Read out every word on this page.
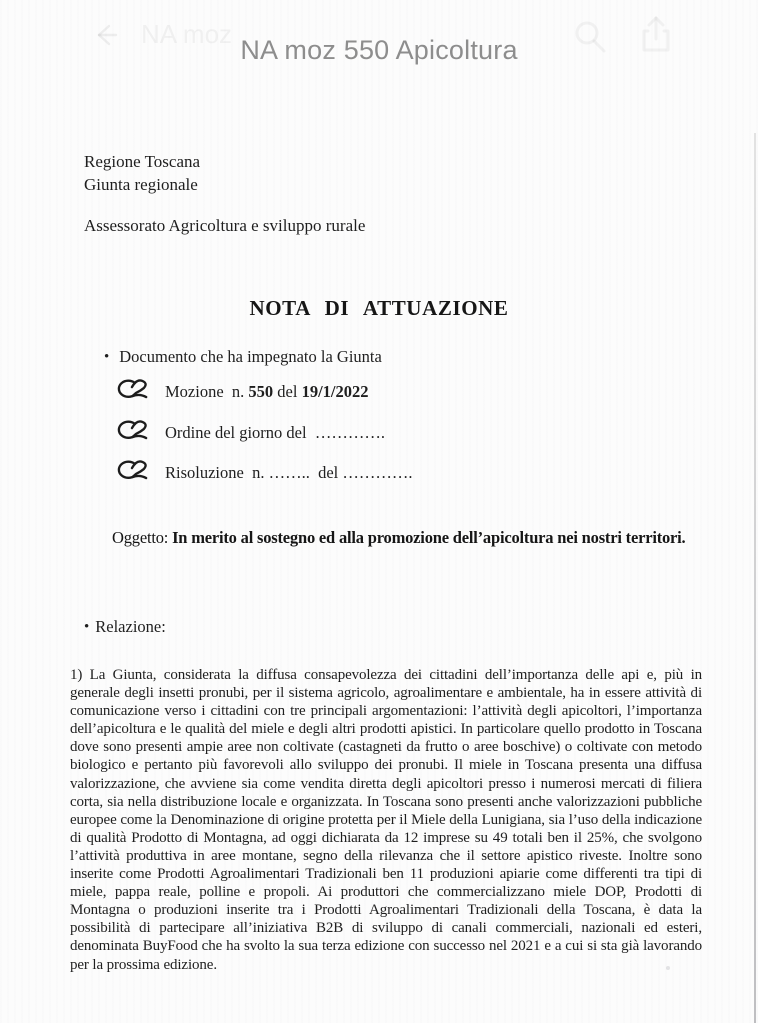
NA moz
NA moz 550 Apicoltura
Regione Toscana
Giunta regionale
Assessorato Agricoltura e sviluppo rurale
NOTA DI ATTUAZIONE
• Documento che ha impegnato la Giunta
Mozione  n. 550 del 19/1/2022
Ordine del giorno del  ………….
Risoluzione  n. ……..  del ………….
Oggetto: In merito al sostegno ed alla promozione dell’apicoltura nei nostri territori.
• Relazione:

1) La Giunta, considerata la diffusa consapevolezza dei cittadini dell’importanza delle api e, più in generale degli insetti pronubi, per il sistema agricolo, agroalimentare e ambientale, ha in essere attività di comunicazione verso i cittadini con tre principali argomentazioni: l’attività degli apicoltori, l’importanza dell’apicoltura e le qualità del miele e degli altri prodotti apistici. In particolare quello prodotto in Toscana dove sono presenti ampie aree non coltivate (castagneti da frutto o aree boschive) o coltivate con metodo biologico e pertanto più favorevoli allo sviluppo dei pronubi. Il miele in Toscana presenta una diffusa valorizzazione, che avviene sia come vendita diretta degli apicoltori presso i numerosi mercati di filiera corta, sia nella distribuzione locale e organizzata. In Toscana sono presenti anche valorizzazioni pubbliche europee come la Denominazione di origine protetta per il Miele della Lunigiana, sia l’uso della indicazione di qualità Prodotto di Montagna, ad oggi dichiarata da 12 imprese su 49 totali ben il 25%, che svolgono l’attività produttiva in aree montane, segno della rilevanza che il settore apistico riveste. Inoltre sono inserite come Prodotti Agroalimentari Tradizionali ben 11 produzioni apiarie come differenti tra tipi di miele, pappa reale, polline e propoli. Ai produttori che commercializzano miele DOP, Prodotti di Montagna o produzioni inserite tra i Prodotti Agroalimentari Tradizionali della Toscana, è data la possibilità di partecipare all’iniziativa B2B di sviluppo di canali commerciali, nazionali ed esteri, denominata BuyFood che ha svolto la sua terza edizione con successo nel 2021 e a cui si sta già lavorando per la prossima edizione.
